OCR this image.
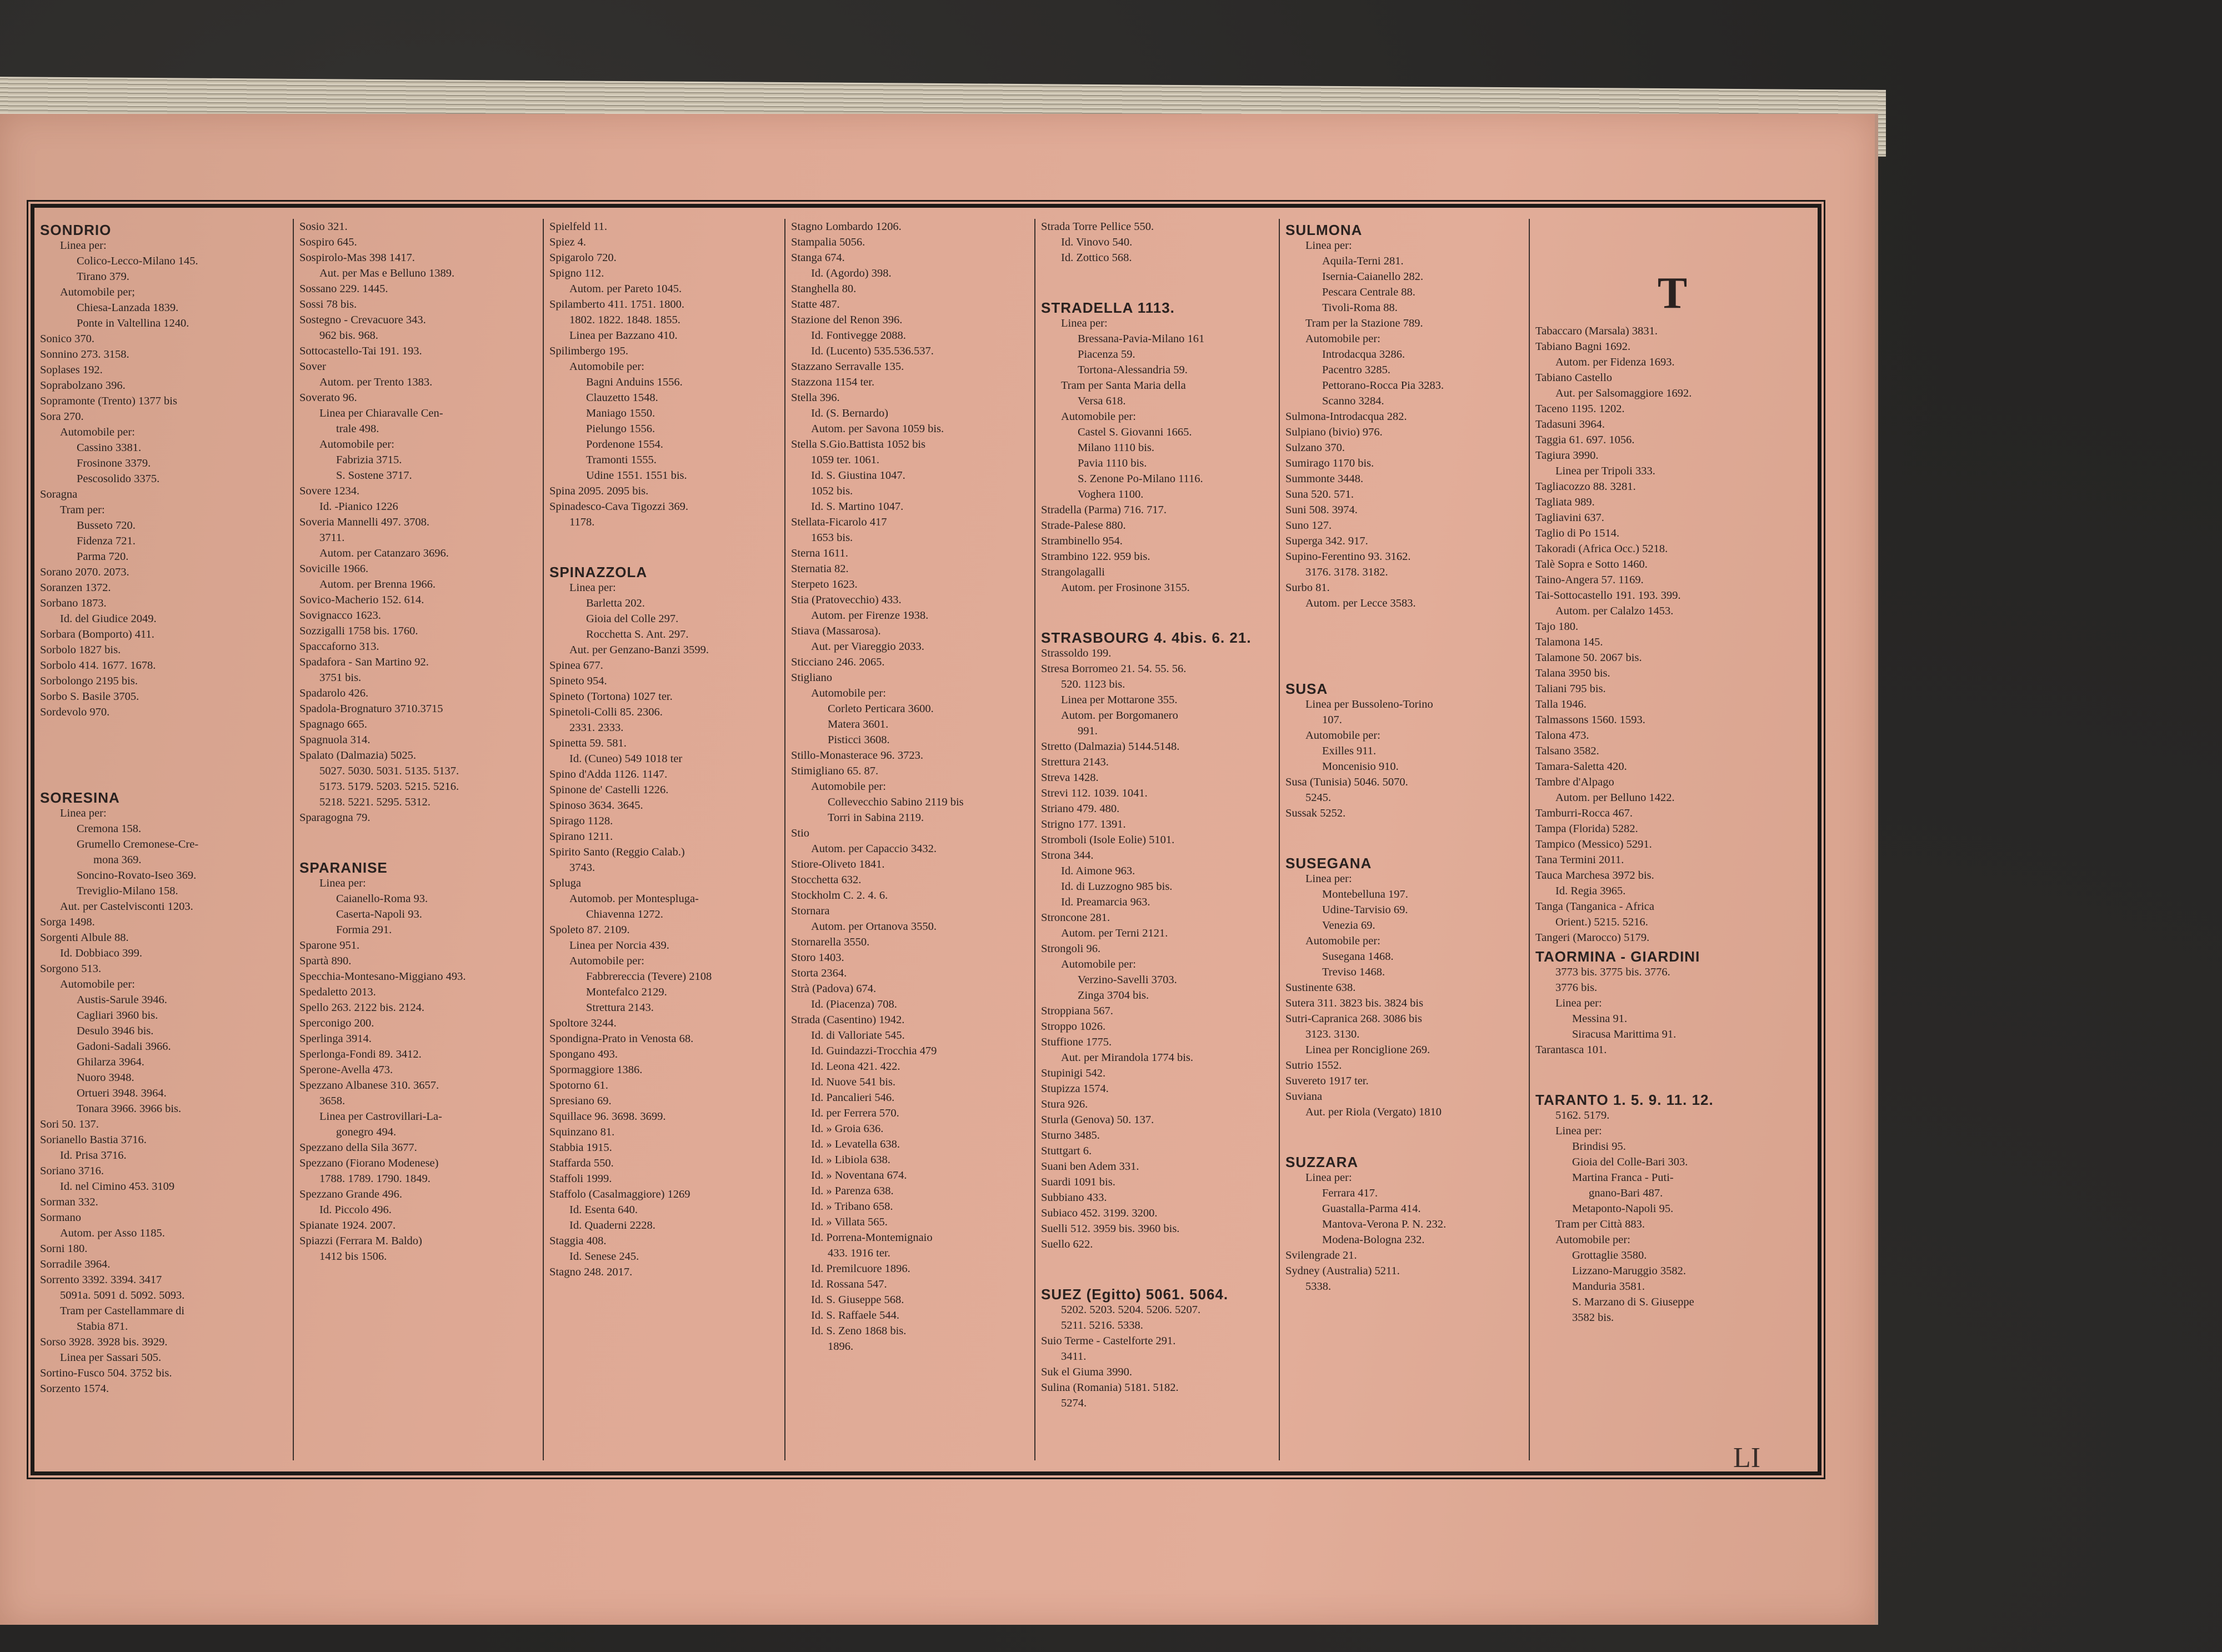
SONDRIO
Linea per:
Colico-Lecco-Milano 145.
Tirano 379.
Automobile per;
Chiesa-Lanzada 1839.
Ponte in Valtellina 1240.
Sonico 370.
Sonnino 273. 3158.
Soplases 192.
Soprabolzano 396.
Sopramonte (Trento) 1377 bis
Sora 270.
Automobile per:
Cassino 3381.
Frosinone 3379.
Pescosolido 3375.
Soragna
Tram per:
Busseto 720.
Fidenza 721.
Parma 720.
Sorano 2070. 2073.
Soranzen 1372.
Sorbano 1873.
Id. del Giudice 2049.
Sorbara (Bomporto) 411.
Sorbolo 1827 bis.
Sorbolo 414. 1677. 1678.
Sorbolongo 2195 bis.
Sorbo S. Basile 3705.
Sordevolo 970.
SORESINA
Linea per:
Cremona 158.
Grumello Cremonese-Cre-
mona 369.
Soncino-Rovato-Iseo 369.
Treviglio-Milano 158.
Aut. per Castelvisconti 1203.
Sorga 1498.
Sorgenti Albule 88.
Id. Dobbiaco 399.
Sorgono 513.
Automobile per:
Austis-Sarule 3946.
Cagliari 3960 bis.
Desulo 3946 bis.
Gadoni-Sadali 3966.
Ghilarza 3964.
Nuoro 3948.
Ortueri 3948. 3964.
Tonara 3966. 3966 bis.
Sori 50. 137.
Sorianello Bastia 3716.
Id. Prisa 3716.
Soriano 3716.
Id. nel Cimino 453. 3109
Sorman 332.
Sormano
Autom. per Asso 1185.
Sorni 180.
Sorradile 3964.
Sorrento 3392. 3394. 3417
5091a. 5091 d. 5092. 5093.
Tram per Castellammare di
Stabia 871.
Sorso 3928. 3928 bis. 3929.
Linea per Sassari 505.
Sortino-Fusco 504. 3752 bis.
Sorzento 1574.
Sosio 321.
Sospiro 645.
Sospirolo-Mas 398 1417.
Aut. per Mas e Belluno 1389.
Sossano 229. 1445.
Sossi 78 bis.
Sostegno - Crevacuore 343.
962 bis. 968.
Sottocastello-Tai 191. 193.
Sover
Autom. per Trento 1383.
Soverato 96.
Linea per Chiaravalle Cen-
trale 498.
Automobile per:
Fabrizia 3715.
S. Sostene 3717.
Sovere 1234.
Id. -Pianico 1226
Soveria Mannelli 497. 3708.
3711.
Autom. per Catanzaro 3696.
Sovicille 1966.
Autom. per Brenna 1966.
Sovico-Macherio 152. 614.
Sovignacco 1623.
Sozzigalli 1758 bis. 1760.
Spaccaforno 313.
Spadafora - San Martino 92.
3751 bis.
Spadarolo 426.
Spadola-Brognaturo 3710.3715
Spagnago 665.
Spagnuola 314.
Spalato (Dalmazia) 5025.
5027. 5030. 5031. 5135. 5137.
5173. 5179. 5203. 5215. 5216.
5218. 5221. 5295. 5312.
Sparagogna 79.
SPARANISE
Linea per:
Caianello-Roma 93.
Caserta-Napoli 93.
Formia 291.
Sparone 951.
Spartà 890.
Specchia-Montesano-Miggiano 493.
Spedaletto 2013.
Spello 263. 2122 bis. 2124.
Sperconigo 200.
Sperlinga 3914.
Sperlonga-Fondi 89. 3412.
Sperone-Avella 473.
Spezzano Albanese 310. 3657.
3658.
Linea per Castrovillari-La-
gonegro 494.
Spezzano della Sila 3677.
Spezzano (Fiorano Modenese)
1788. 1789. 1790. 1849.
Spezzano Grande 496.
Id. Piccolo 496.
Spianate 1924. 2007.
Spiazzi (Ferrara M. Baldo)
1412 bis 1506.
Spielfeld 11.
Spiez 4.
Spigarolo 720.
Spigno 112.
Autom. per Pareto 1045.
Spilamberto 411. 1751. 1800.
1802. 1822. 1848. 1855.
Linea per Bazzano 410.
Spilimbergo 195.
Automobile per:
Bagni Anduins 1556.
Clauzetto 1548.
Maniago 1550.
Pielungo 1556.
Pordenone 1554.
Tramonti 1555.
Udine 1551. 1551 bis.
Spina 2095. 2095 bis.
Spinadesco-Cava Tigozzi 369.
1178.
SPINAZZOLA
Linea per:
Barletta 202.
Gioia del Colle 297.
Rocchetta S. Ant. 297.
Aut. per Genzano-Banzi 3599.
Spinea 677.
Spineto 954.
Spineto (Tortona) 1027 ter.
Spinetoli-Colli 85. 2306.
2331. 2333.
Spinetta 59. 581.
Id. (Cuneo) 549 1018 ter
Spino d'Adda 1126. 1147.
Spinone de' Castelli 1226.
Spinoso 3634. 3645.
Spirago 1128.
Spirano 1211.
Spirito Santo (Reggio Calab.)
3743.
Spluga
Automob. per Montespluga-
Chiavenna 1272.
Spoleto 87. 2109.
Linea per Norcia 439.
Automobile per:
Fabbrereccia (Tevere) 2108
Montefalco 2129.
Strettura 2143.
Spoltore 3244.
Spondigna-Prato in Venosta 68.
Spongano 493.
Spormaggiore 1386.
Spotorno 61.
Spresiano 69.
Squillace 96. 3698. 3699.
Squinzano 81.
Stabbia 1915.
Staffarda 550.
Staffoli 1999.
Staffolo (Casalmaggiore) 1269
Id. Esenta 640.
Id. Quaderni 2228.
Staggia 408.
Id. Senese 245.
Stagno 248. 2017.
Stagno Lombardo 1206.
Stampalia 5056.
Stanga 674.
Id. (Agordo) 398.
Stanghella 80.
Statte 487.
Stazione del Renon 396.
Id. Fontivegge 2088.
Id. (Lucento) 535.536.537.
Stazzano Serravalle 135.
Stazzona 1154 ter.
Stella 396.
Id. (S. Bernardo)
Autom. per Savona 1059 bis.
Stella S.Gio.Battista 1052 bis
1059 ter. 1061.
Id. S. Giustina 1047.
1052 bis.
Id. S. Martino 1047.
Stellata-Ficarolo 417
1653 bis.
Sterna 1611.
Sternatia 82.
Sterpeto 1623.
Stia (Pratovecchio) 433.
Autom. per Firenze 1938.
Stiava (Massarosa).
Aut. per Viareggio 2033.
Sticciano 246. 2065.
Stigliano
Automobile per:
Corleto Perticara 3600.
Matera 3601.
Pisticci 3608.
Stillo-Monasterace 96. 3723.
Stimigliano 65. 87.
Automobile per:
Collevecchio Sabino 2119 bis
Torri in Sabina 2119.
Stio
Autom. per Capaccio 3432.
Stiore-Oliveto 1841.
Stocchetta 632.
Stockholm C. 2. 4. 6.
Stornara
Autom. per Ortanova 3550.
Stornarella 3550.
Storo 1403.
Storta 2364.
Strà (Padova) 674.
Id. (Piacenza) 708.
Strada (Casentino) 1942.
Id. di Valloriate 545.
Id. Guindazzi-Trocchia 479
Id. Leona 421. 422.
Id. Nuove 541 bis.
Id. Pancalieri 546.
Id. per Ferrera 570.
Id. » Groia 636.
Id. » Levatella 638.
Id. » Libiola 638.
Id. » Noventana 674.
Id. » Parenza 638.
Id. » Tribano 658.
Id. » Villata 565.
Id. Porrena-Montemignaio
433. 1916 ter.
Id. Premilcuore 1896.
Id. Rossana 547.
Id. S. Giuseppe 568.
Id. S. Raffaele 544.
Id. S. Zeno 1868 bis.
1896.
Strada Torre Pellice 550.
Id. Vinovo 540.
Id. Zottico 568.
STRADELLA 1113.
Linea per:
Bressana-Pavia-Milano 161
Piacenza 59.
Tortona-Alessandria 59.
Tram per Santa Maria della
Versa 618.
Automobile per:
Castel S. Giovanni 1665.
Milano 1110 bis.
Pavia 1110 bis.
S. Zenone Po-Milano 1116.
Voghera 1100.
Stradella (Parma) 716. 717.
Strade-Palese 880.
Strambinello 954.
Strambino 122. 959 bis.
Strangolagalli
Autom. per Frosinone 3155.
STRASBOURG 4. 4bis. 6. 21.
Strassoldo 199.
Stresa Borromeo 21. 54. 55. 56.
520. 1123 bis.
Linea per Mottarone 355.
Autom. per Borgomanero
991.
Stretto (Dalmazia) 5144.5148.
Strettura 2143.
Streva 1428.
Strevi 112. 1039. 1041.
Striano 479. 480.
Strigno 177. 1391.
Stromboli (Isole Eolie) 5101.
Strona 344.
Id. Aimone 963.
Id. di Luzzogno 985 bis.
Id. Preamarcia 963.
Stroncone 281.
Autom. per Terni 2121.
Strongoli 96.
Automobile per:
Verzino-Savelli 3703.
Zinga 3704 bis.
Stroppiana 567.
Stroppo 1026.
Stuffione 1775.
Aut. per Mirandola 1774 bis.
Stupinigi 542.
Stupizza 1574.
Stura 926.
Sturla (Genova) 50. 137.
Sturno 3485.
Stuttgart 6.
Suani ben Adem 331.
Suardi 1091 bis.
Subbiano 433.
Subiaco 452. 3199. 3200.
Suelli 512. 3959 bis. 3960 bis.
Suello 622.
SUEZ (Egitto) 5061. 5064.
5202. 5203. 5204. 5206. 5207.
5211. 5216. 5338.
Suio Terme - Castelforte 291.
3411.
Suk el Giuma 3990.
Sulina (Romania) 5181. 5182.
5274.
SULMONA
Linea per:
Aquila-Terni 281.
Isernia-Caianello 282.
Pescara Centrale 88.
Tivoli-Roma 88.
Tram per la Stazione 789.
Automobile per:
Introdacqua 3286.
Pacentro 3285.
Pettorano-Rocca Pia 3283.
Scanno 3284.
Sulmona-Introdacqua 282.
Sulpiano (bivio) 976.
Sulzano 370.
Sumirago 1170 bis.
Summonte 3448.
Suna 520. 571.
Suni 508. 3974.
Suno 127.
Superga 342. 917.
Supino-Ferentino 93. 3162.
3176. 3178. 3182.
Surbo 81.
Autom. per Lecce 3583.
SUSA
Linea per Bussoleno-Torino
107.
Automobile per:
Exilles 911.
Moncenisio 910.
Susa (Tunisia) 5046. 5070.
5245.
Sussak 5252.
SUSEGANA
Linea per:
Montebelluna 197.
Udine-Tarvisio 69.
Venezia 69.
Automobile per:
Susegana 1468.
Treviso 1468.
Sustinente 638.
Sutera 311. 3823 bis. 3824 bis
Sutri-Capranica 268. 3086 bis
3123. 3130.
Linea per Ronciglione 269.
Sutrio 1552.
Suvereto 1917 ter.
Suviana
Aut. per Riola (Vergato) 1810
SUZZARA
Linea per:
Ferrara 417.
Guastalla-Parma 414.
Mantova-Verona P. N. 232.
Modena-Bologna 232.
Svilengrade 21.
Sydney (Australia) 5211.
5338.
T
Tabaccaro (Marsala) 3831.
Tabiano Bagni 1692.
Autom. per Fidenza 1693.
Tabiano Castello
Aut. per Salsomaggiore 1692.
Taceno 1195. 1202.
Tadasuni 3964.
Taggia 61. 697. 1056.
Tagiura 3990.
Linea per Tripoli 333.
Tagliacozzo 88. 3281.
Tagliata 989.
Tagliavini 637.
Taglio di Po 1514.
Takoradi (Africa Occ.) 5218.
Talè Sopra e Sotto 1460.
Taino-Angera 57. 1169.
Tai-Sottocastello 191. 193. 399.
Autom. per Calalzo 1453.
Tajo 180.
Talamona 145.
Talamone 50. 2067 bis.
Talana 3950 bis.
Taliani 795 bis.
Talla 1946.
Talmassons 1560. 1593.
Talona 473.
Talsano 3582.
Tamara-Saletta 420.
Tambre d'Alpago
Autom. per Belluno 1422.
Tamburri-Rocca 467.
Tampa (Florida) 5282.
Tampico (Messico) 5291.
Tana Termini 2011.
Tauca Marchesa 3972 bis.
Id. Regia 3965.
Tanga (Tanganica - Africa
Orient.) 5215. 5216.
Tangeri (Marocco) 5179.
TAORMINA - GIARDINI
3773 bis. 3775 bis. 3776.
3776 bis.
Linea per:
Messina 91.
Siracusa Marittima 91.
Tarantasca 101.
TARANTO 1. 5. 9. 11. 12.
5162. 5179.
Linea per:
Brindisi 95.
Gioia del Colle-Bari 303.
Martina Franca - Puti-
gnano-Bari 487.
Metaponto-Napoli 95.
Tram per Città 883.
Automobile per:
Grottaglie 3580.
Lizzano-Maruggio 3582.
Manduria 3581.
S. Marzano di S. Giuseppe
3582 bis.
LI
